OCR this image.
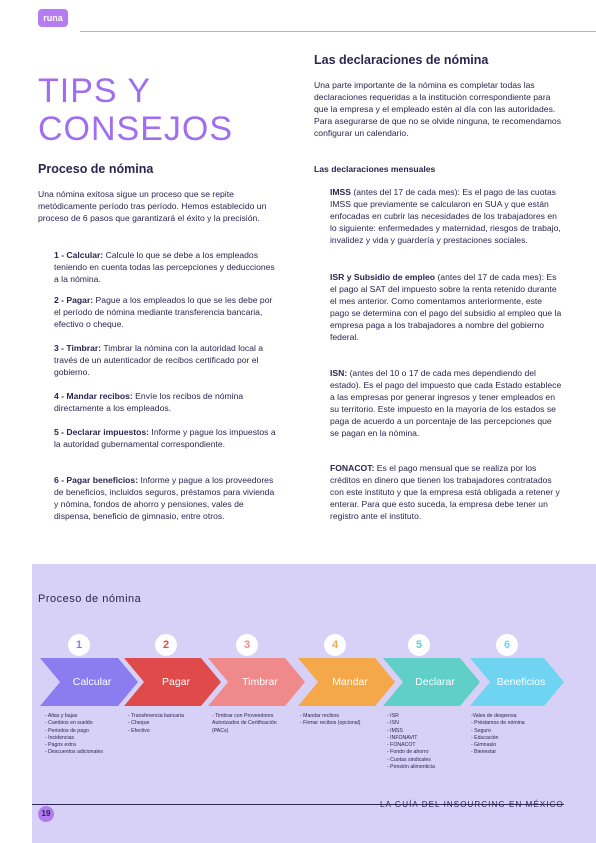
runa
TIPS Y
CONSEJOS
Proceso de nómina
Una nómina exitosa sigue un proceso que se repite metódicamente período tras período. Hemos establecido un proceso de 6 pasos que garantizará el éxito y la precisión.
1 - Calcular: Calcule lo que se debe a los empleados teniendo en cuenta todas las percepciones y deducciones a la nómina.
2 - Pagar: Pague a los empleados lo que se les debe por el período de nómina mediante transferencia bancaria, efectivo o cheque.
3 - Timbrar: Timbrar la nómina con la autoridad local a través de un autenticador de recibos certificado por el gobierno.
4 - Mandar recibos: Envíe los recibos de nómina directamente a los empleados.
5 - Declarar impuestos: Informe y pague los impuestos a la autoridad gubernamental correspondiente.
6 - Pagar beneficios: Informe y pague a los proveedores de beneficios, incluidos seguros, préstamos para vivienda y nómina, fondos de ahorro y pensiones, vales de dispensa, beneficio de gimnasio, entre otros.
Las declaraciones de nómina
Una parte importante de la nómina es completar todas las declaraciones requeridas a la institución correspondiente para que la empresa y el empleado estén al día con las autoridades. Para asegurarse de que no se olvide ninguna, te recomendamos configurar un calendario.
Las declaraciones mensuales
IMSS (antes del 17 de cada mes): Es el pago de las cuotas IMSS que previamente se calcularon en SUA y que están enfocadas en cubrir las necesidades de los trabajadores en lo siguiente: enfermedades y maternidad, riesgos de trabajo, invalidez y vida y guardería y prestaciones sociales.
ISR y Subsidio de empleo (antes del 17 de cada mes): Es el pago al SAT del impuesto sobre la renta retenido durante el mes anterior. Como comentamos anteriormente, este pago se determina con el pago del subsidio al empleo que la empresa paga a los trabajadores a nombre del gobierno federal.
ISN: (antes del 10 o 17 de cada mes dependiendo del estado). Es el pago del impuesto que cada Estado establece a las empresas por generar ingresos y tener empleados en su territorio. Este impuesto en la mayoría de los estados se paga de acuerdo a un porcentaje de las percepciones que se pagan en la nómina.
FONACOT: Es el pago mensual que se realiza por los créditos en dinero que tienen los trabajadores contratados con este instituto y que la empresa está obligada a retener y enterar. Para que esto suceda, la empresa debe tener un registro ante el instituto.
Proceso de nómina
1	2	3	4	5	6
Calcular	Pagar	Timbrar	Mandar	Declarar	Beneficios
- Altas y bajas
- Cambios en sueldo
- Periodos de pago
- Incidencias
- Pagos extra
- Descuentos adicionales
- Transferencia bancaria
- Cheque
- Efectivo
- Timbrar con Proveedores
Autorizados de Certificación
(PACs)
- Mandar recibos
- Firmar recibos (opcional)
- ISR
- ISN
- IMSS
- INFONAVIT
- FONACOT
- Fondo de ahorro
- Cuotas sindicales
- Pensión alimenticia
-Vales de despensa
- Préstamos de nómina
- Seguro
- Educación
- Gimnasio
- Bienestar
19
LA GUÍA DEL INSOURCING EN MÉXICO
